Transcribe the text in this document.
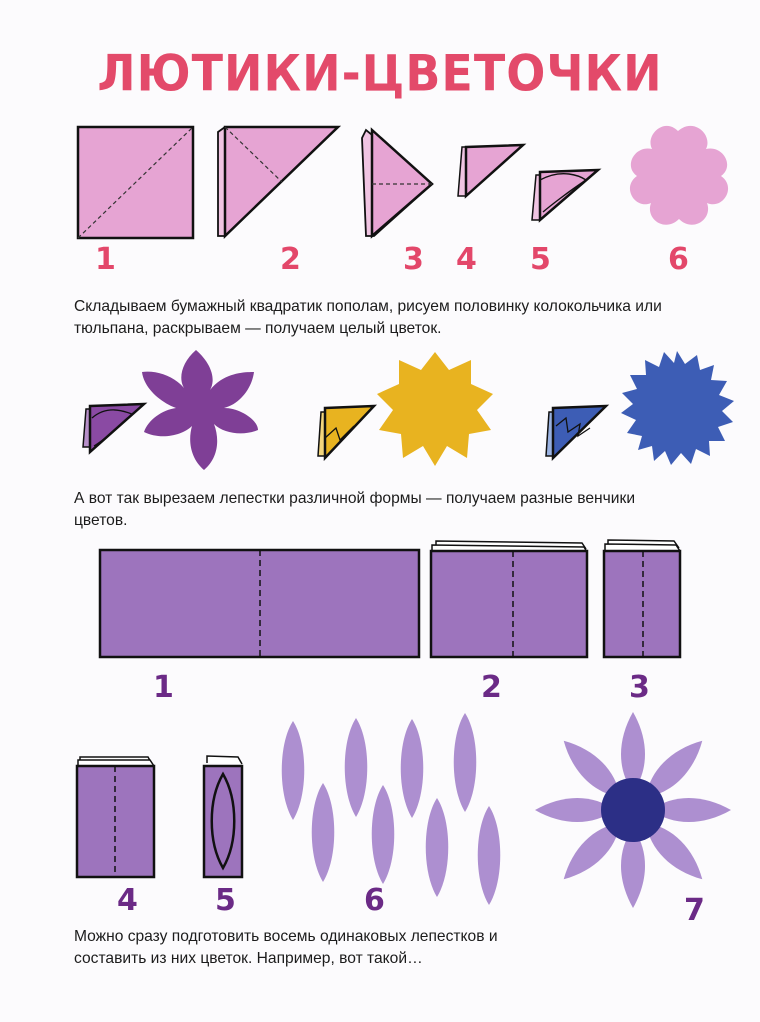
ЛЮТИКИ-ЦВЕТОЧКИ
1	2	3 4 5	6
Складываем бумажный квадратик пополам, рисуем половинку колокольчика или тюльпана, раскрываем — получаем целый цветок.
А вот так вырезаем лепестки различной формы — получаем разные венчики цветов.
1	2	3
4	5	6	7
Можно сразу подготовить восемь одинаковых лепестков и составить из них цветок. Например, вот такой…
